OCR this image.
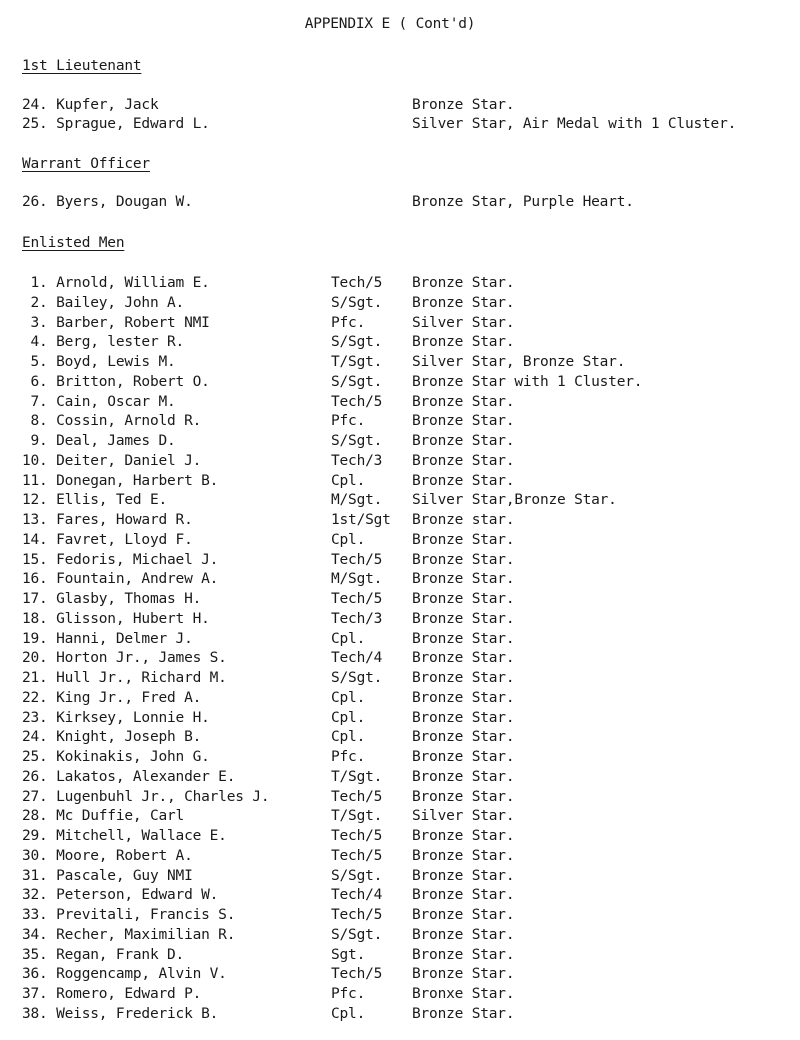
APPENDIX E ( Cont'd)
1st Lieutenant
24. Kupfer, Jack	Bronze Star.
25. Sprague, Edward L.	Silver Star, Air Medal with 1 Cluster.
Warrant Officer
26. Byers, Dougan W.	Bronze Star, Purple Heart.
Enlisted Men
1. Arnold, William E.	Tech/5 Bronze Star.
2. Bailey, John A.	S/Sgt. Bronze Star.
3. Barber, Robert NMI	Pfc.	Silver Star.
4. Berg, lester R.	S/Sgt. Bronze Star.
5. Boyd, Lewis M.	T/Sgt. Silver Star, Bronze Star.
6. Britton, Robert O.	S/Sgt. Bronze Star with 1 Cluster.
7. Cain, Oscar M.	Tech/5 Bronze Star.
8. Cossin, Arnold R.	Pfc.	Bronze Star.
9. Deal, James D.	S/Sgt. Bronze Star.
10. Deiter, Daniel J.	Tech/3 Bronze Star.
11. Donegan, Harbert B.	Cpl.	Bronze Star.
12. Ellis, Ted E.	M/Sgt. Silver Star,Bronze Star.
13. Fares, Howard R.	1st/Sgt Bronze star.
14. Favret, Lloyd F.	Cpl.	Bronze Star.
15. Fedoris, Michael J.	Tech/5 Bronze Star.
16. Fountain, Andrew A.	M/Sgt. Bronze Star.
17. Glasby, Thomas H.	Tech/5 Bronze Star.
18. Glisson, Hubert H.	Tech/3 Bronze Star.
19. Hanni, Delmer J.	Cpl.	Bronze Star.
20. Horton Jr., James S.	Tech/4 Bronze Star.
21. Hull Jr., Richard M.	S/Sgt. Bronze Star.
22. King Jr., Fred A.	Cpl.	Bronze Star.
23. Kirksey, Lonnie H.	Cpl.	Bronze Star.
24. Knight, Joseph B.	Cpl.	Bronze Star.
25. Kokinakis, John G.	Pfc.	Bronze Star.
26. Lakatos, Alexander E.	T/Sgt. Bronze Star.
27. Lugenbuhl Jr., Charles J.	Tech/5 Bronze Star.
28. Mc Duffie, Carl	T/Sgt. Silver Star.
29. Mitchell, Wallace E.	Tech/5 Bronze Star.
30. Moore, Robert A.	Tech/5 Bronze Star.
31. Pascale, Guy NMI	S/Sgt. Bronze Star.
32. Peterson, Edward W.	Tech/4 Bronze Star.
33. Previtali, Francis S.	Tech/5 Bronze Star.
34. Recher, Maximilian R.	S/Sgt. Bronze Star.
35. Regan, Frank D.	Sgt.	Bronze Star.
36. Roggencamp, Alvin V.	Tech/5 Bronze Star.
37. Romero, Edward P.	Pfc.	Bronxe Star.
38. Weiss, Frederick B.	Cpl.	Bronze Star.
